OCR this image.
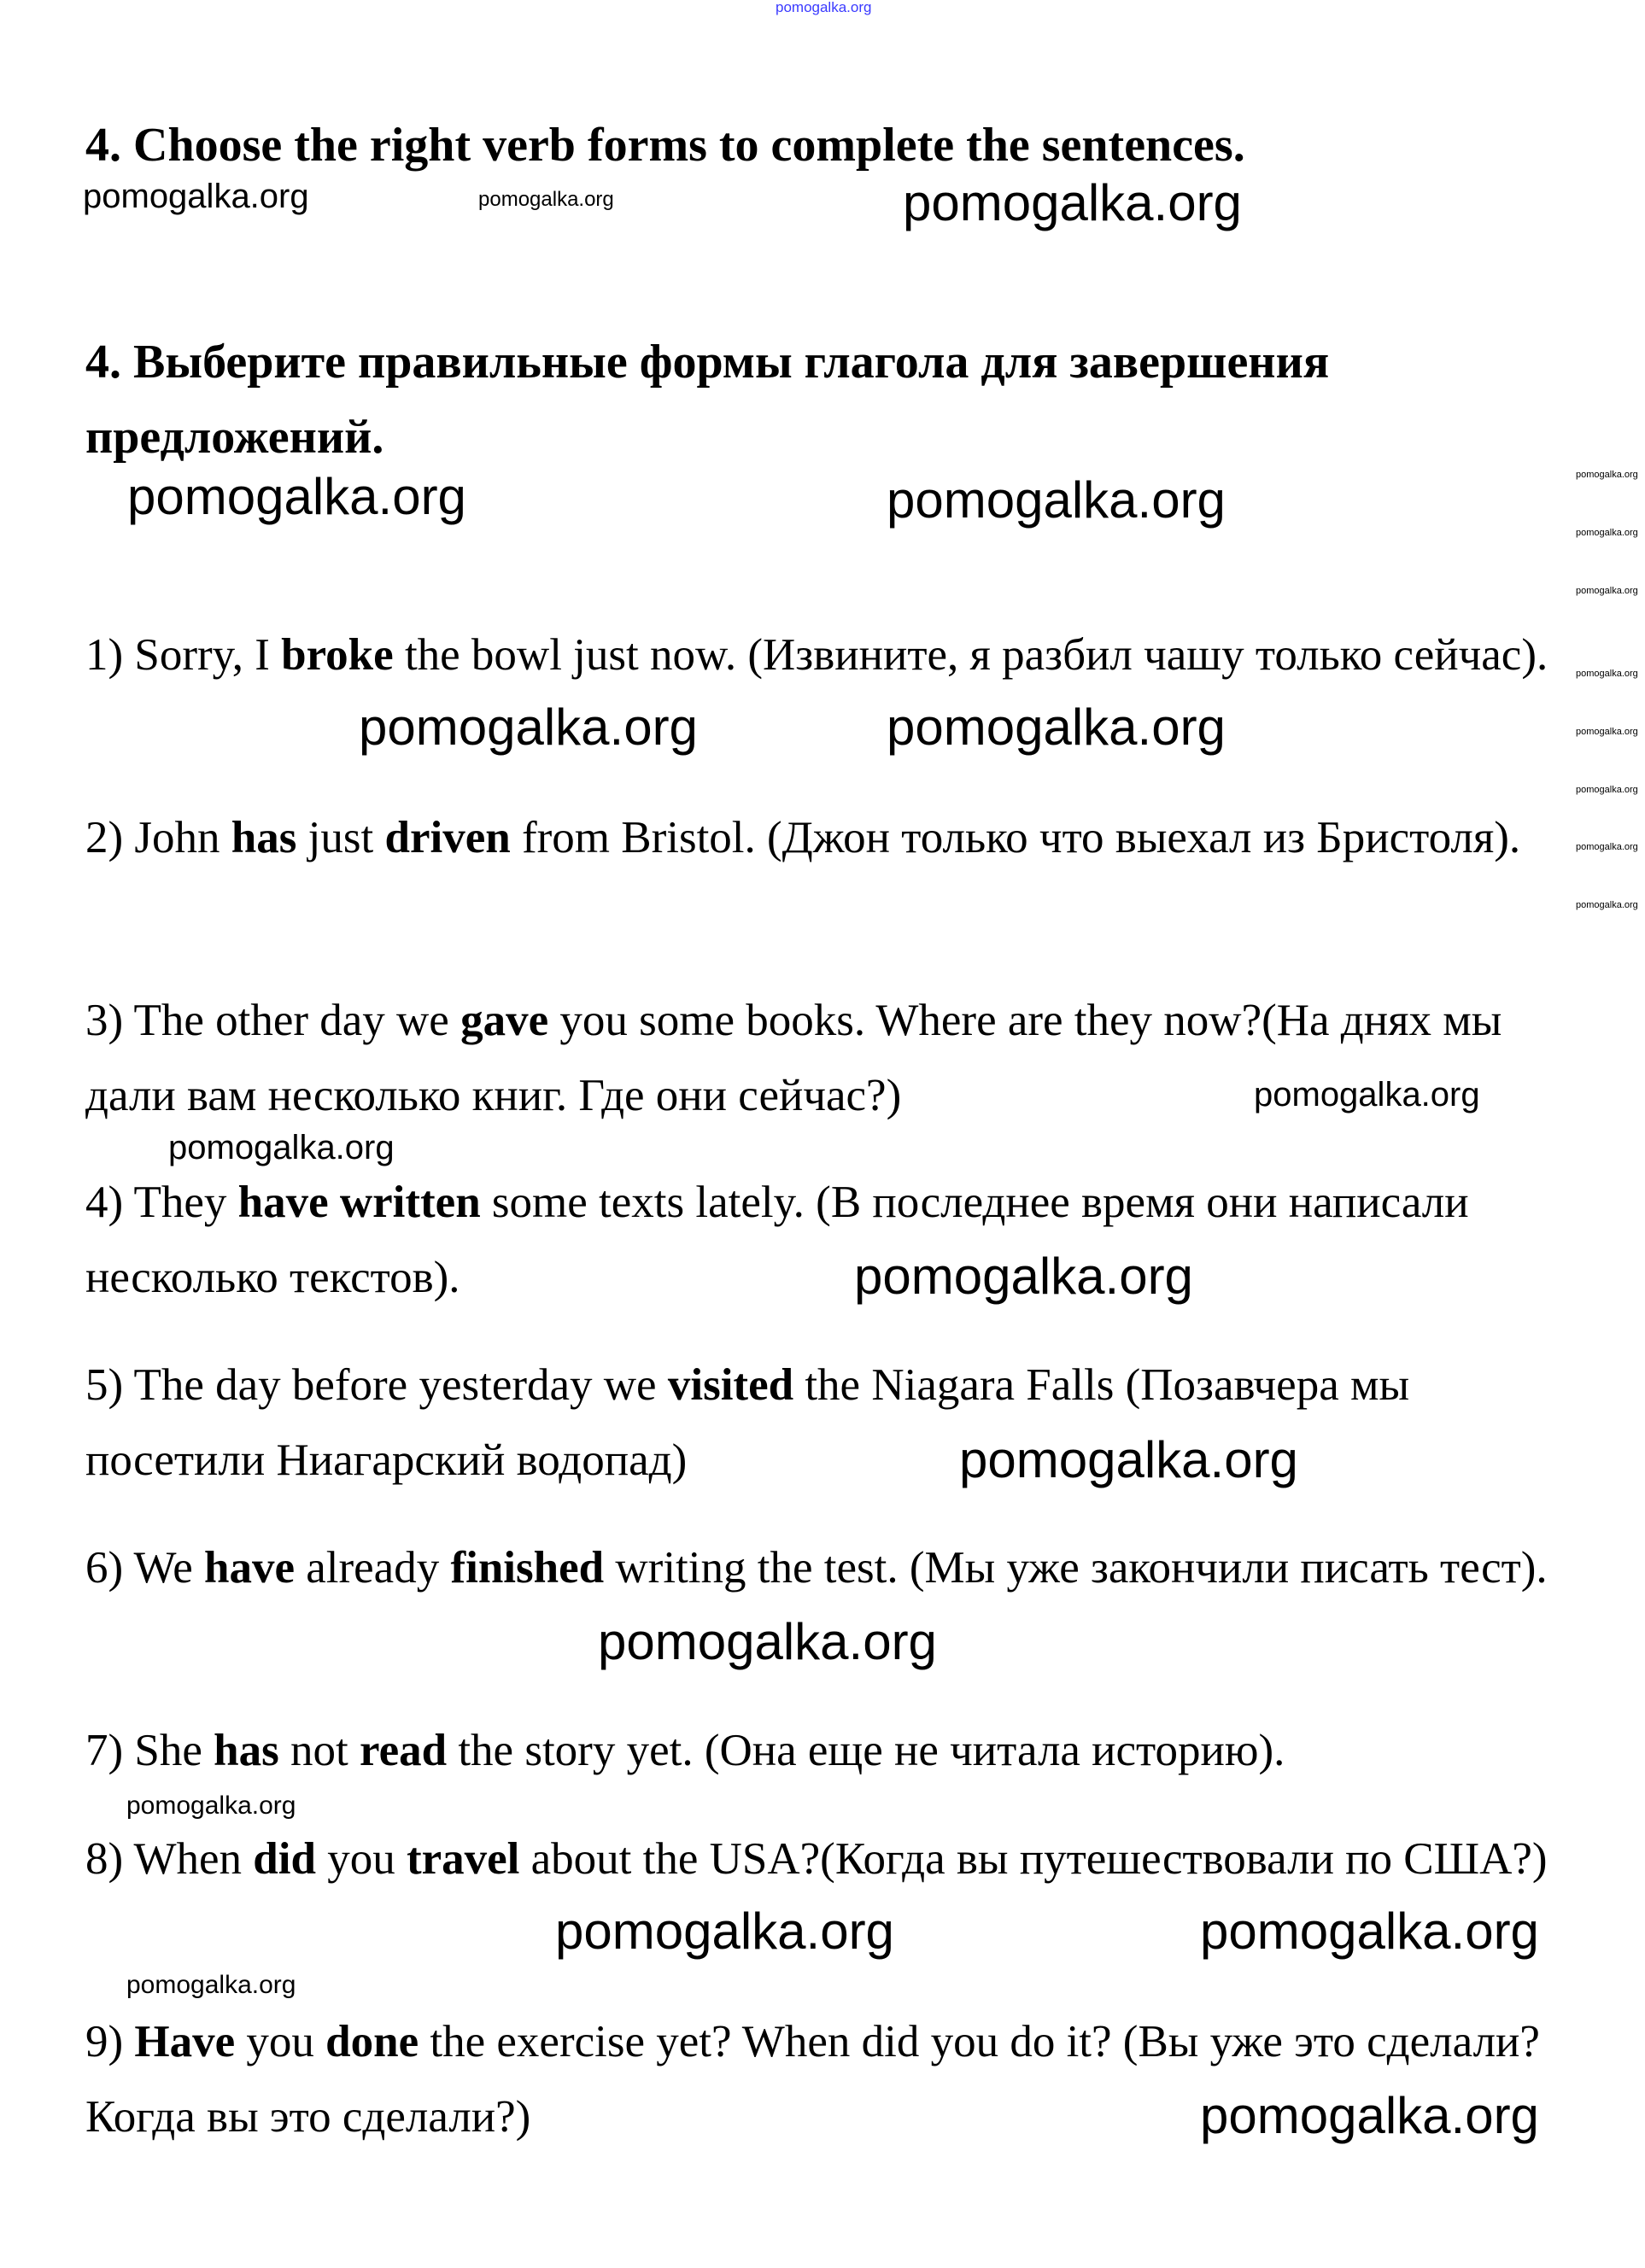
pomogalka.org
4. Choose the right verb forms to complete the sentences.
4. Выберите правильные формы глагола для завершения предложений.
1) Sorry, I broke the bowl just now. (Извините, я разбил чашу только сейчас).
2) John has just driven from Bristol. (Джон только что выехал из Бристоля).
3) The other day we gave you some books. Where are they now?(На днях мы дали вам несколько книг. Где они сейчас?)
4) They have written some texts lately. (В последнее время они написали несколько текстов).
5) The day before yesterday we visited the Niagara Falls (Позавчера мы посетили Ниагарский водопад)
6) We have already finished writing the test. (Мы уже закончили писать тест).
7) She has not read the story yet. (Она еще не читала историю).
8) When did you travel about the USA?(Когда вы путешествовали по США?)
9) Have you done the exercise yet? When did you do it? (Вы уже это сделали? Когда вы это сделали?)
pomogalka.org	pomogalka.org	pomogalka.org
pomogalka.org	pomogalka.org	pomogalka.org
pomogalka.org
pomogalka.org
pomogalka.org
pomogalka.org
pomogalka.org
pomogalka.org
pomogalka.org
pomogalka.org	pomogalka.org
pomogalka.org
pomogalka.org
pomogalka.org
pomogalka.org
pomogalka.org
pomogalka.org
pomogalka.org
pomogalka.org
pomogalka.org
pomogalka.org
